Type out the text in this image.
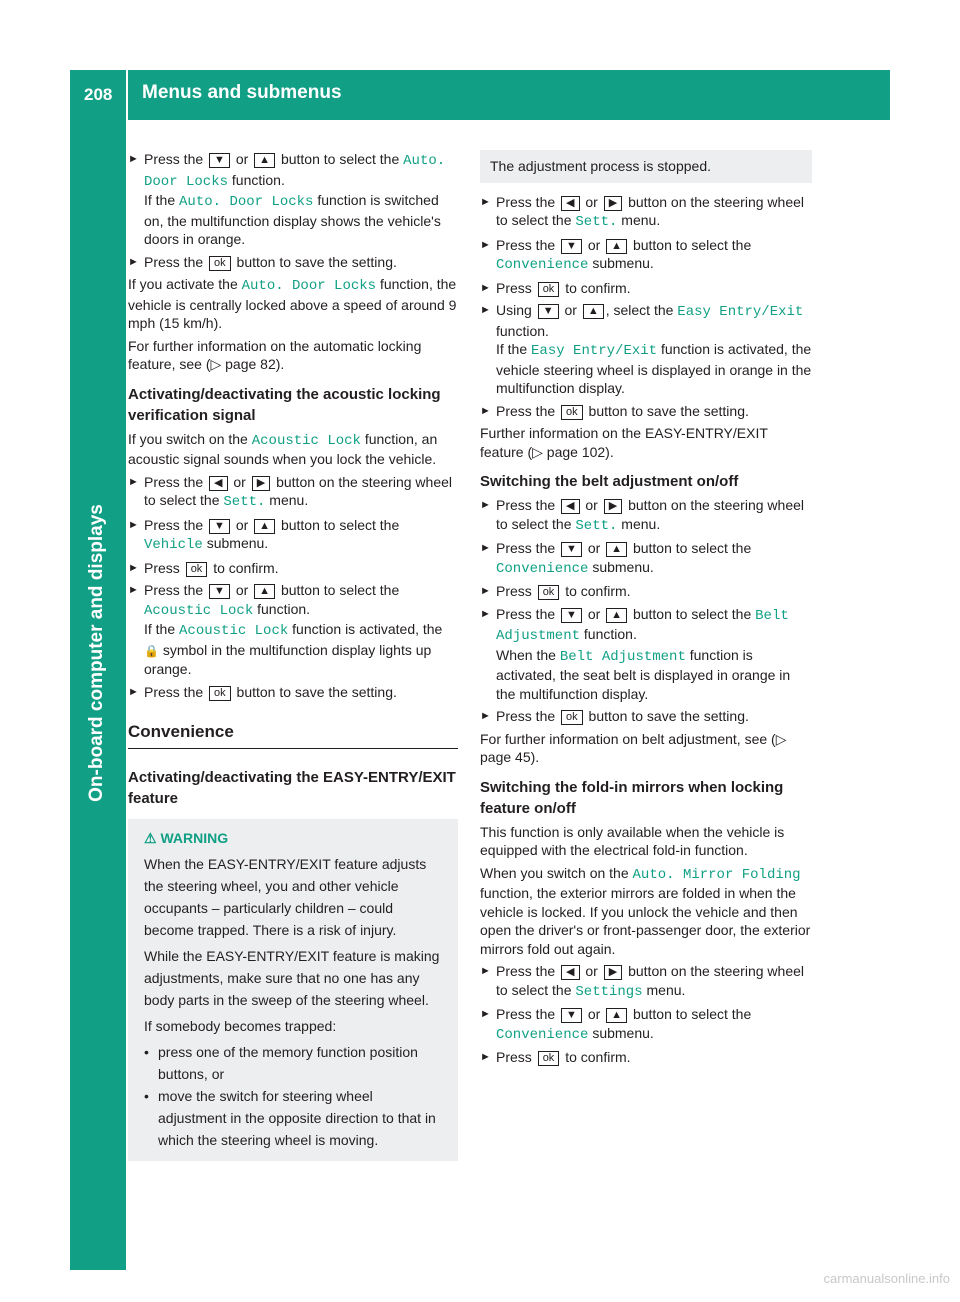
208 Menus and submenus
On-board computer and displays
► Press the ▼ or ▲ button to select the Auto. Door Locks function.
If the Auto. Door Locks function is switched on, the multifunction display shows the vehicle's doors in orange.
► Press the ok button to save the setting.

If you activate the Auto. Door Locks function, the vehicle is centrally locked above a speed of around 9 mph (15 km/h).

For further information on the automatic locking feature, see (▷ page 82).

Activating/deactivating the acoustic locking verification signal

If you switch on the Acoustic Lock function, an acoustic signal sounds when you lock the vehicle.

► Press the ◀ or ▶ button on the steering wheel to select the Sett. menu.
► Press the ▼ or ▲ button to select the Vehicle submenu.
► Press ok to confirm.
► Press the ▼ or ▲ button to select the Acoustic Lock function.
If the Acoustic Lock function is activated, the 🔒 symbol in the multifunction display lights up orange.
► Press the ok button to save the setting.
Convenience
Activating/deactivating the EASY-ENTRY/EXIT feature
⚠ WARNING

When the EASY-ENTRY/EXIT feature adjusts the steering wheel, you and other vehicle occupants – particularly children – could become trapped. There is a risk of injury.

While the EASY-ENTRY/EXIT feature is making adjustments, make sure that no one has any body parts in the sweep of the steering wheel.

If somebody becomes trapped:

• press one of the memory function position buttons, or
• move the switch for steering wheel adjustment in the opposite direction to that in which the steering wheel is moving.
The adjustment process is stopped.
► Press the ◀ or ▶ button on the steering wheel to select the Sett. menu.
► Press the ▼ or ▲ button to select the Convenience submenu.
► Press ok to confirm.
► Using ▼ or ▲ , select the Easy Entry/Exit function.
If the Easy Entry/Exit function is activated, the vehicle steering wheel is displayed in orange in the multifunction display.
► Press the ok button to save the setting.

Further information on the EASY-ENTRY/EXIT feature (▷ page 102).

Switching the belt adjustment on/off
► Press the ◀ or ▶ button on the steering wheel to select the Sett. menu.
► Press the ▼ or ▲ button to select the Convenience submenu.
► Press ok to confirm.
► Press the ▼ or ▲ button to select the Belt Adjustment function.
When the Belt Adjustment function is activated, the seat belt is displayed in orange in the multifunction display.
► Press the ok button to save the setting.

For further information on belt adjustment, see (▷ page 45).

Switching the fold-in mirrors when locking feature on/off

This function is only available when the vehicle is equipped with the electrical fold-in function.

When you switch on the Auto. Mirror Folding function, the exterior mirrors are folded in when the vehicle is locked. If you unlock the vehicle and then open the driver's or front-passenger door, the exterior mirrors fold out again.

► Press the ◀ or ▶ button on the steering wheel to select the Settings menu.
► Press the ▼ or ▲ button to select the Convenience submenu.
► Press ok to confirm.
carmanualsonline.info
